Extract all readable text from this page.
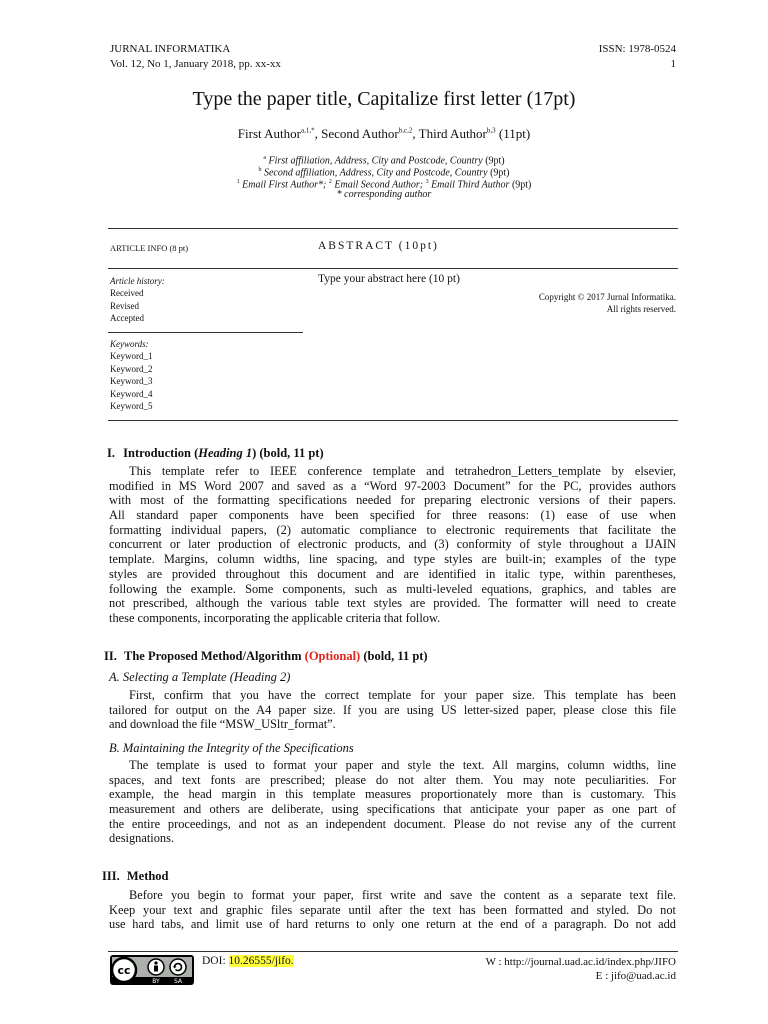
JURNAL INFORMATIKA
Vol. 12, No 1, January 2018, pp. xx-xx
ISSN: 1978-0524
1
Type the paper title, Capitalize first letter (17pt)
First Author$^{a,1,*}$, Second Author$^{b,c,2}$, Third Author$^{b,3}$ (11pt)
$^a$ First affiliation, Address, City and Postcode, Country (9pt)
$^b$ Second affiliation, Address, City and Postcode, Country (9pt)
$^1$ Email First Author*; $^2$ Email Second Author; $^3$ Email Third Author (9pt)
* corresponding author
ARTICLE INFO (8 pt)	ABSTRACT (10pt)
Article history:
Received
Revised
Accepted
Type your abstract here (10 pt)
Copyright © 2017 Jurnal Informatika.
All rights reserved.
Keywords:
Keyword_1
Keyword_2
Keyword_3
Keyword_4
Keyword_5
I. Introduction (Heading 1) (bold, 11 pt)
This template refer to IEEE conference template and tetrahedron_Letters_template by elsevier,
modified in MS Word 2007 and saved as a “Word 97-2003 Document” for the PC, provides authors
with most of the formatting specifications needed for preparing electronic versions of their papers.
All standard paper components have been specified for three reasons: (1) ease of use when
formatting individual papers, (2) automatic compliance to electronic requirements that facilitate the
concurrent or later production of electronic products, and (3) conformity of style throughout a IJAIN
template. Margins, column widths, line spacing, and type styles are built-in; examples of the type
styles are provided throughout this document and are identified in italic type, within parentheses,
following the example. Some components, such as multi-leveled equations, graphics, and tables are
not prescribed, although the various table text styles are provided. The formatter will need to create
these components, incorporating the applicable criteria that follow.
II. The Proposed Method/Algorithm (Optional) (bold, 11 pt)
A. Selecting a Template (Heading 2)
First, confirm that you have the correct template for your paper size. This template has been
tailored for output on the A4 paper size. If you are using US letter-sized paper, please close this file
and download the file “MSW_USltr_format”.
B. Maintaining the Integrity of the Specifications
The template is used to format your paper and style the text. All margins, column widths, line
spaces, and text fonts are prescribed; please do not alter them. You may note peculiarities. For
example, the head margin in this template measures proportionately more than is customary. This
measurement and others are deliberate, using specifications that anticipate your paper as one part of
the entire proceedings, and not as an independent document. Please do not revise any of the current
designations.
III. Method
Before you begin to format your paper, first write and save the content as a separate text file.
Keep your text and graphic files separate until after the text has been formatted and styled. Do not
use hard tabs, and limit use of hard returns to only one return at the end of a paragraph. Do not add
cc
BY SA
DOI: 10.26555/jifo.	W : http://journal.uad.ac.id/index.php/JIFO
E : jifo@uad.ac.id
